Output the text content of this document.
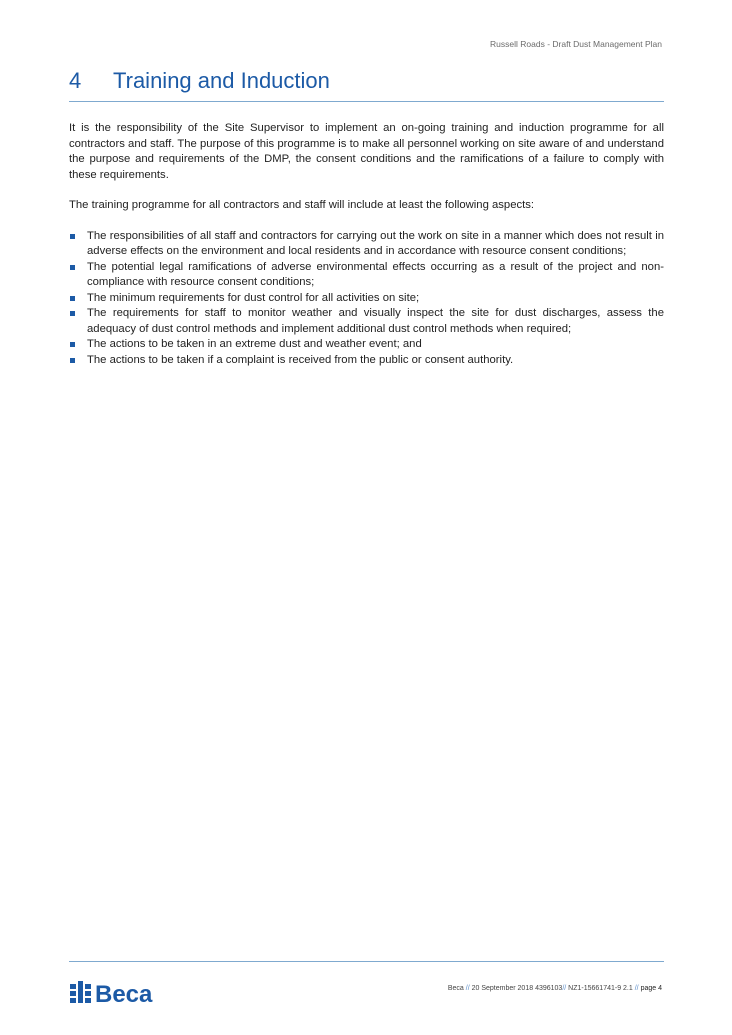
Russell Roads - Draft Dust Management Plan
4	Training and Induction

It is the responsibility of the Site Supervisor to implement an on-going training and induction programme for all contractors and staff. The purpose of this programme is to make all personnel working on site aware of and understand the purpose and requirements of the DMP, the consent conditions and the ramifications of a failure to comply with these requirements.

The training programme for all contractors and staff will include at least the following aspects:

The responsibilities of all staff and contractors for carrying out the work on site in a manner which does not result in adverse effects on the environment and local residents and in accordance with resource consent conditions;
The potential legal ramifications of adverse environmental effects occurring as a result of the project and non-compliance with resource consent conditions;
The minimum requirements for dust control for all activities on site;
The requirements for staff to monitor weather and visually inspect the site for dust discharges, assess the adequacy of dust control methods and implement additional dust control methods when required;
The actions to be taken in an extreme dust and weather event; and
The actions to be taken if a complaint is received from the public or consent authority.
Beca	Beca // 20 September 2018 4396103// NZ1-15661741-9 2.1 // page 4
